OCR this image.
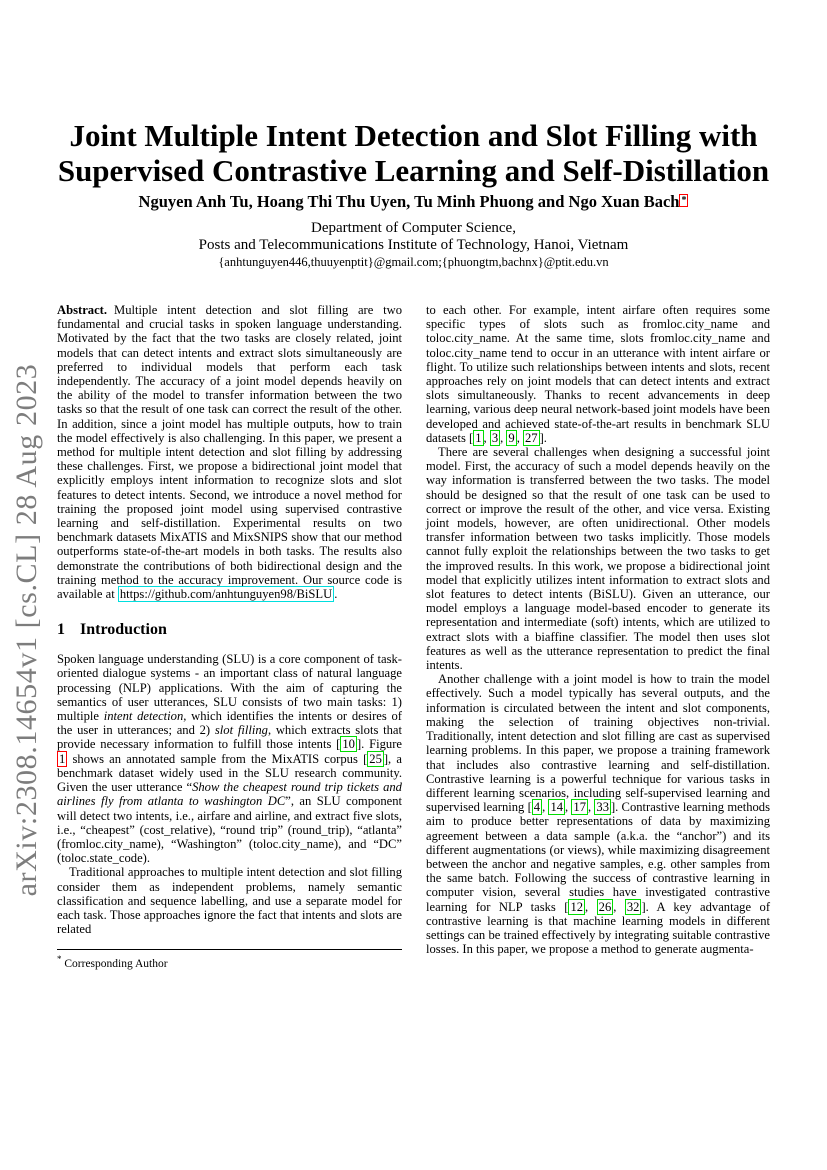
arXiv:2308.14654v1 [cs.CL] 28 Aug 2023
Joint Multiple Intent Detection and Slot Filling with
Supervised Contrastive Learning and Self-Distillation
Nguyen Anh Tu, Hoang Thi Thu Uyen, Tu Minh Phuong and Ngo Xuan Bach *
Department of Computer Science,
Posts and Telecommunications Institute of Technology, Hanoi, Vietnam
{anhtunguyen446,thuuyenptit}@gmail.com;{phuongtm,bachnx}@ptit.edu.vn

Abstract. Multiple intent detection and slot filling are two fundamental and crucial tasks in spoken language understanding. Motivated by the fact that the two tasks are closely related, joint models that can detect intents and extract slots simultaneously are preferred to individual models that perform each task independently. The accuracy of a joint model depends heavily on the ability of the model to transfer information between the two tasks so that the result of one task can correct the result of the other. In addition, since a joint model has multiple outputs, how to train the model effectively is also challenging. In this paper, we present a method for multiple intent detection and slot filling by addressing these challenges. First, we propose a bidirectional joint model that explicitly employs intent information to recognize slots and slot features to detect intents. Second, we introduce a novel method for training the proposed joint model using supervised contrastive learning and self-distillation. Experimental results on two benchmark datasets MixATIS and MixSNIPS show that our method outperforms state-of-the-art models in both tasks. The results also demonstrate the contributions of both bidirectional design and the training method to the accuracy improvement. Our source code is available at https://github.com/anhtunguyen98/BiSLU .

1 Introduction

Spoken language understanding (SLU) is a core component of task-oriented dialogue systems - an important class of natural language processing (NLP) applications. With the aim of capturing the semantics of user utterances, SLU consists of two main tasks: 1) multiple intent detection, which identifies the intents or desires of the user in utterances; and 2) slot filling, which extracts slots that provide necessary information to fulfill those intents [ 10 ]. Figure 1 shows an annotated sample from the MixATIS corpus [ 25 ], a benchmark dataset widely used in the SLU research community. Given the user utterance “Show the cheapest round trip tickets and airlines fly from atlanta to washington DC”, an SLU component will detect two intents, i.e., airfare and airline, and extract five slots, i.e., “cheapest” (cost_relative), “round trip” (round_trip), “atlanta” (fromloc.city_name), “Washington” (toloc.city_name), and “DC” (toloc.state_code).

Traditional approaches to multiple intent detection and slot filling consider them as independent problems, namely semantic classification and sequence labelling, and use a separate model for each task. Those approaches ignore the fact that intents and slots are related

to each other. For example, intent airfare often requires some specific types of slots such as fromloc.city_name and toloc.city_name. At the same time, slots fromloc.city_name and toloc.city_name tend to occur in an utterance with intent airfare or flight. To utilize such relationships between intents and slots, recent approaches rely on joint models that can detect intents and extract slots simultaneously. Thanks to recent advancements in deep learning, various deep neural network-based joint models have been developed and achieved state-of-the-art results in benchmark SLU datasets [ 1 , 3 , 9 , 27 ].

There are several challenges when designing a successful joint model. First, the accuracy of such a model depends heavily on the way information is transferred between the two tasks. The model should be designed so that the result of one task can be used to correct or improve the result of the other, and vice versa. Existing joint models, however, are often unidirectional. Other models transfer information between two tasks implicitly. Those models cannot fully exploit the relationships between the two tasks to get the improved results. In this work, we propose a bidirectional joint model that explicitly utilizes intent information to extract slots and slot features to detect intents (BiSLU). Given an utterance, our model employs a language model-based encoder to generate its representation and intermediate (soft) intents, which are utilized to extract slots with a biaffine classifier. The model then uses slot features as well as the utterance representation to predict the final intents.

Another challenge with a joint model is how to train the model effectively. Such a model typically has several outputs, and the information is circulated between the intent and slot components, making the selection of training objectives non-trivial. Traditionally, intent detection and slot filling are cast as supervised learning problems. In this paper, we propose a training framework that includes also contrastive learning and self-distillation. Contrastive learning is a powerful technique for various tasks in different learning scenarios, including self-supervised learning and supervised learning [ 4 , 14 , 17 , 33 ]. Contrastive learning methods aim to produce better representations of data by maximizing agreement between a data sample (a.k.a. the “anchor”) and its different augmentations (or views), while maximizing disagreement between the anchor and negative samples, e.g. other samples from the same batch. Following the success of contrastive learning in computer vision, several studies have investigated contrastive learning for NLP tasks [ 12 , 26 , 32 ]. A key advantage of contrastive learning is that machine learning models in different settings can be trained effectively by integrating suitable contrastive losses. In this paper, we propose a method to generate augmenta-

* Corresponding Author
